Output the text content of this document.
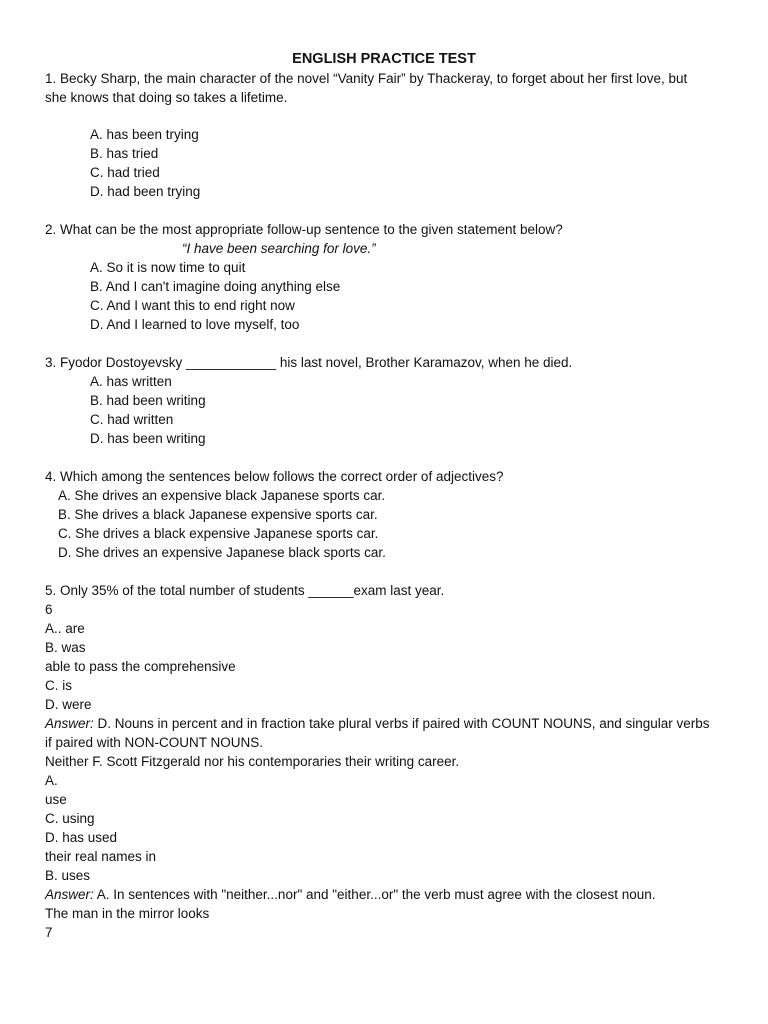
ENGLISH PRACTICE TEST
1. Becky Sharp, the main character of the novel “Vanity Fair” by Thackeray, to forget about her first love, but
she knows that doing so takes a lifetime.
A. has been trying
B. has tried
C. had tried
D. had been trying
2. What can be the most appropriate follow-up sentence to the given statement below?
“I have been searching for love.”
A. So it is now time to quit
B. And I can't imagine doing anything else
C. And I want this to end right now
D. And I learned to love myself, too
3. Fyodor Dostoyevsky ____________ his last novel, Brother Karamazov, when he died.
A. has written
B. had been writing
C. had written
D. has been writing
4. Which among the sentences below follows the correct order of adjectives?
A. She drives an expensive black Japanese sports car.
B. She drives a black Japanese expensive sports car.
C. She drives a black expensive Japanese sports car.
D. She drives an expensive Japanese black sports car.
5. Only 35% of the total number of students ______exam last year.
6
A.. are
B. was
able to pass the comprehensive
C. is
D. were
Answer: D. Nouns in percent and in fraction take plural verbs if paired with COUNT NOUNS, and singular verbs
if paired with NON-COUNT NOUNS.
Neither F. Scott Fitzgerald nor his contemporaries their writing career.
A.
use
C. using
D. has used
their real names in
B. uses
Answer: A. In sentences with "neither...nor" and "either...or" the verb must agree with the closest noun.
The man in the mirror looks
7
